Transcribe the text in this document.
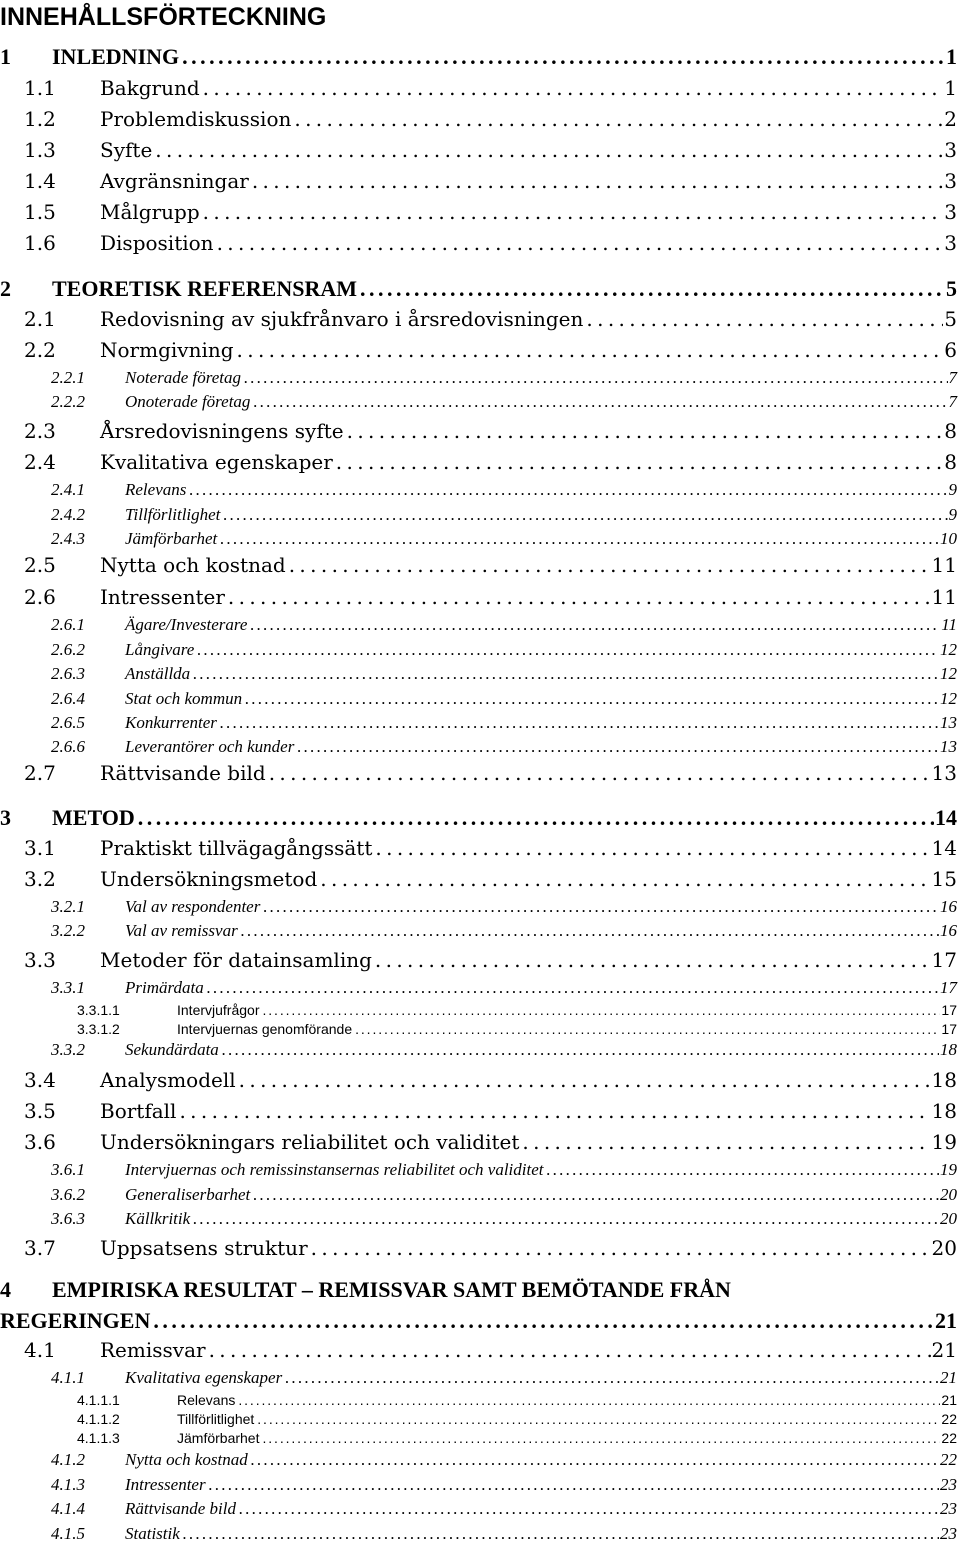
INNEHÅLLSFÖRTECKNING
1	INLEDNING . . .	1
1.1	Bakgrund . . .	1
1.2	Problemdiskussion . . .	2
1.3	Syfte . . .	3
1.4	Avgränsningar . . .	3
1.5	Målgrupp . . .	3
1.6	Disposition . . .	3
2	TEORETISK REFERENSRAM . . .	5
2.1	Redovisning av sjukfrånvaro i årsredovisningen . . .	5
2.2	Normgivning . . .	6
2.2.1	Noterade företag . . .	7
2.2.2	Onoterade företag . . .	7
2.3	Årsredovisningens syfte . . .	8
2.4	Kvalitativa egenskaper . . .	8
2.4.1	Relevans . . .	9
2.4.2	Tillförlitlighet . . .	9
2.4.3	Jämförbarhet . . .	10
2.5	Nytta och kostnad . . .	11
2.6	Intressenter . . .	11
2.6.1	Ägare/Investerare . . .	11
2.6.2	Långivare . . .	12
2.6.3	Anställda . . .	12
2.6.4	Stat och kommun . . .	12
2.6.5	Konkurrenter . . .	13
2.6.6	Leverantörer och kunder . . .	13
2.7	Rättvisande bild . . .	13
3	METOD . . .	14
3.1	Praktiskt tillvägagångssätt . . .	14
3.2	Undersökningsmetod . . .	15
3.2.1	Val av respondenter . . .	16
3.2.2	Val av remissvar . . .	16
3.3	Metoder för datainsamling . . .	17
3.3.1	Primärdata . . .	17
3.3.1.1	Intervjufrågor . . .	17
3.3.1.2	Intervjuernas genomförande . . .	17
3.3.2	Sekundärdata . . .	18
3.4	Analysmodell . . .	18
3.5	Bortfall . . .	18
3.6	Undersökningars reliabilitet och validitet . . .	19
3.6.1	Intervjuernas och remissinstansernas reliabilitet och validitet . . .	19
3.6.2	Generaliserbarhet . . .	20
3.6.3	Källkritik . . .	20
3.7	Uppsatsens struktur . . .	20
4 EMPIRISKA RESULTAT – REMISSVAR SAMT BEMÖTANDE FRÅN
REGERINGEN . . .	21
4.1	Remissvar . . .	21
4.1.1	Kvalitativa egenskaper . . .	21
4.1.1.1	Relevans . . .	21
4.1.1.2	Tillförlitlighet . . .	22
4.1.1.3	Jämförbarhet . . .	22
4.1.2	Nytta och kostnad . . .	22
4.1.3	Intressenter . . .	23
4.1.4	Rättvisande bild . . .	23
4.1.5	Statistik . . .	23
